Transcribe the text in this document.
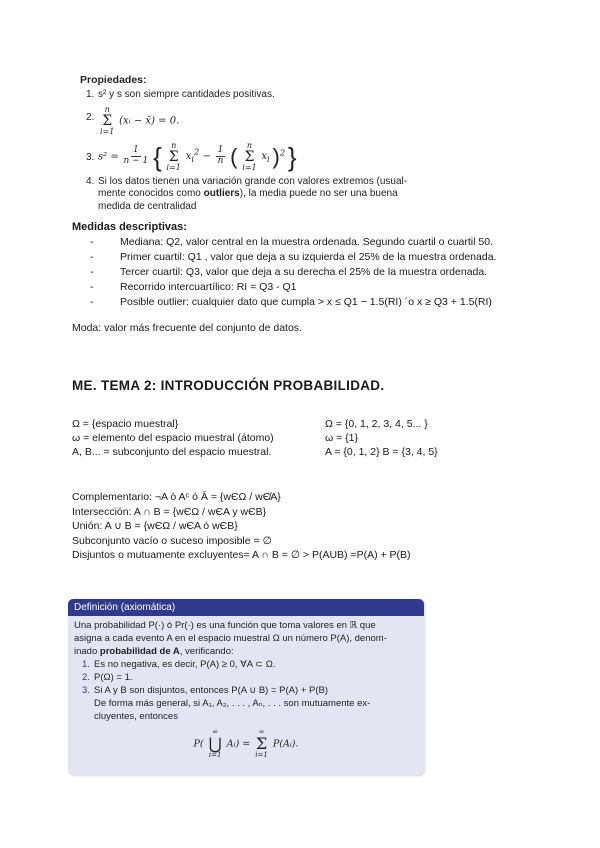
Propiedades:
1. s² y s son siempre cantidades positivas.
2.
n
Σ
i=1
(xᵢ − x̄) = 0.
3. $s^2 = \frac{1}{n - 1}$ { n
Σ
i=1
$x_i^2 - \frac{1}{n}$ ( n
Σ
i=1
$x_i$ )$^2$ }
4. Si los datos tienen una variación grande con valores extremos (usual-
mente conocidos como outliers), la media puede no ser una buena
medida de centralidad
Medidas descriptivas:
-	Mediana: Q2, valor central en la muestra ordenada. Segundo cuartil o cuartil 50.
-	Primer cuartil: Q1 , valor que deja a su izquierda el 25% de la muestra ordenada.
-	Tercer cuartil: Q3, valor que deja a su derecha el 25% de la muestra ordenada.
-	Recorrido intercuartílico: RI = Q3 - Q1
-	Posible outlier: cualquier dato que cumpla > x ≤ Q1 − 1.5(RI) ´o x ≥ Q3 + 1.5(RI)
Moda: valor más frecuente del conjunto de datos.
ME. TEMA 2: INTRODUCCIÓN PROBABILIDAD.
Ω = {espacio muestral}	Ω = {0, 1, 2, 3, 4, 5... }
ω = elemento del espacio muestral (átomo)	ω = {1}
A, B... = subconjunto del espacio muestral.	A = {0, 1, 2} B = {3, 4, 5}
Complementario: ¬A ó Aᶜ ó Ā = {wЄΩ / wЄ̸A}
Intersección: A ∩ B = {wЄΩ / wЄA y wЄB}
Unión: A ∪ B = {wЄΩ / wЄA ó wЄB}
Subconjunto vacío o suceso imposible = ∅
Disjuntos o mutuamente excluyentes= A ∩ B = ∅ > P(AUB) =P(A) + P(B)
Definición (axiomática)
Una probabilidad P(·) ó Pr(·) es una función que toma valores en ℝ que
asigna a cada evento A en el espacio muestral Ω un número P(A), denom-
inado probabilidad de A, verificando:
1. Es no negativa, es decir, P(A) ≥ 0, ∀A ⊂ Ω.
2. P(Ω) = 1.
3. Si A y B son disjuntos, entonces P(A ∪ B) = P(A) + P(B)
De forma más general, si A₁, A₂, . . . , Aₙ, . . . son mutuamente ex-
cluyentes, entonces
P(
∞
⋃
i=1
Aᵢ) =
∞
Σ
i=1
P(Aᵢ).
